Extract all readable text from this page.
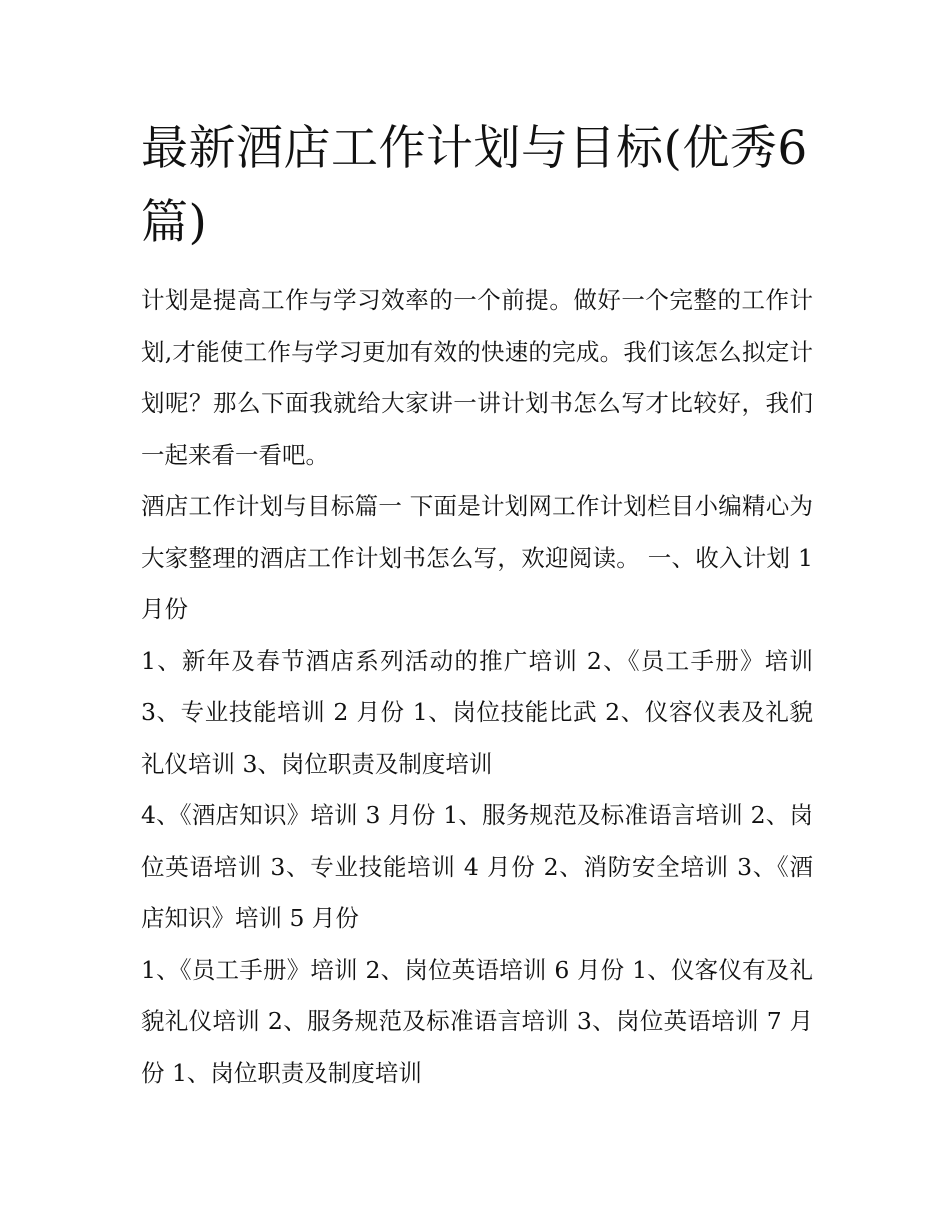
最新酒店工作计划与目标(优秀6篇)

计划是提高工作与学习效率的一个前提。做好一个完整的工作计划,才能使工作与学习更加有效的快速的完成。我们该怎么拟定计划呢？那么下面我就给大家讲一讲计划书怎么写才比较好，我们一起来看一看吧。

酒店工作计划与目标篇一 下面是计划网工作计划栏目小编精心为大家整理的酒店工作计划书怎么写，欢迎阅读。 一、收入计划 1 月份

1、新年及春节酒店系列活动的推广培训 2、《员工手册》培训 3、专业技能培训 2 月份 1、岗位技能比武 2、仪容仪表及礼貌礼仪培训 3、岗位职责及制度培训

4、《酒店知识》培训 3 月份 1、服务规范及标准语言培训 2、岗位英语培训 3、专业技能培训 4 月份 2、消防安全培训 3、《酒店知识》培训 5 月份

1、《员工手册》培训 2、岗位英语培训 6 月份 1、仪客仪有及礼貌礼仪培训 2、服务规范及标准语言培训 3、岗位英语培训 7 月份 1、岗位职责及制度培训
